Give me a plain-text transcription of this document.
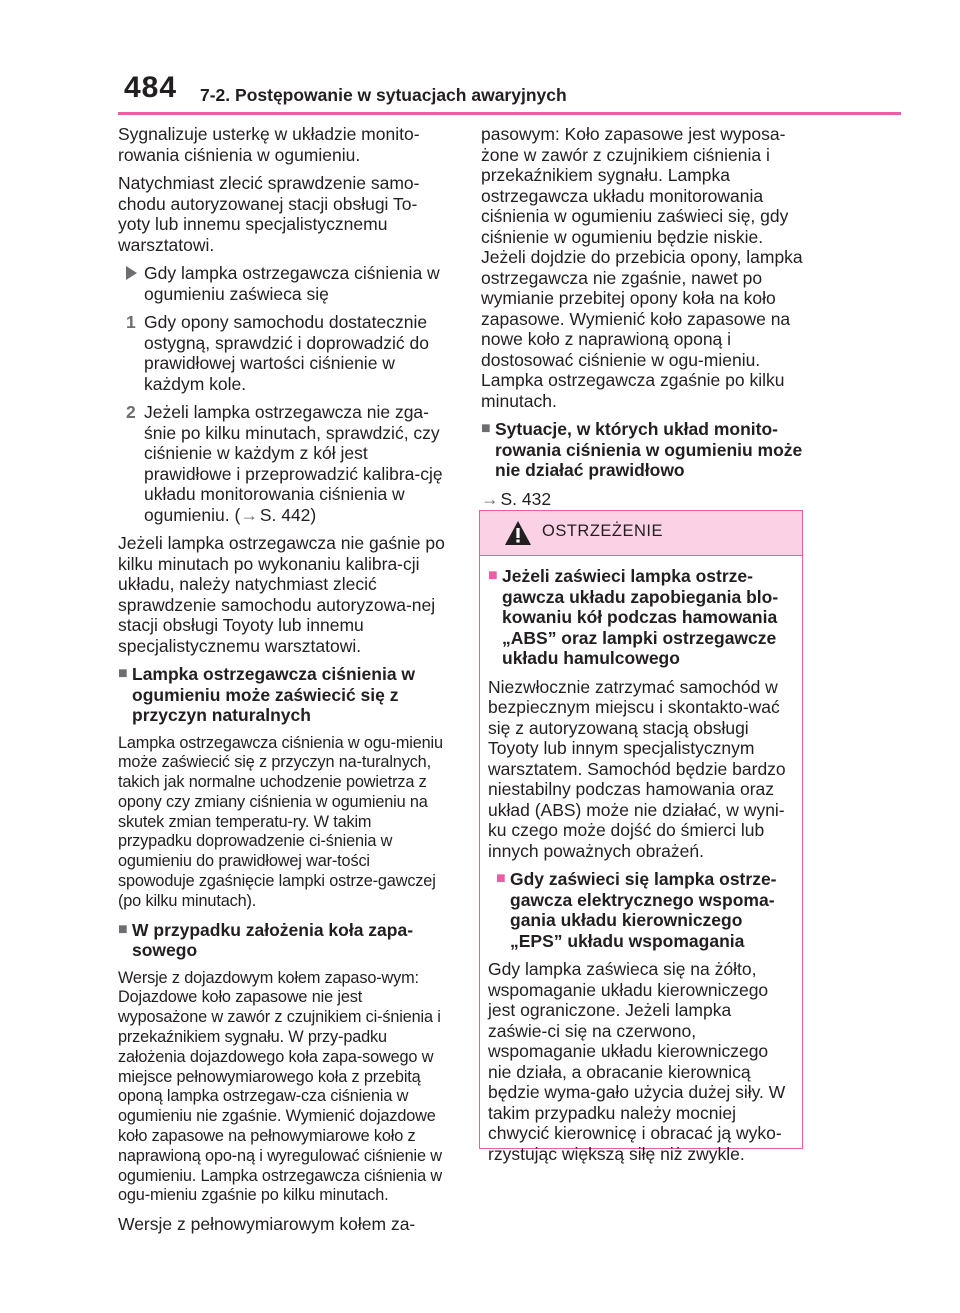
484 7-2. Postępowanie w sytuacjach awaryjnych

Sygnalizuje usterkę w układzie monito-rowania ciśnienia w ogumieniu.

Natychmiast zlecić sprawdzenie samo-chodu autoryzowanej stacji obsługi To-yoty lub innemu specjalistycznemu warsztatowi.

Gdy lampka ostrzegawcza ciśnienia w ogumieniu zaświeca się
1 Gdy opony samochodu dostatecznie ostygną, sprawdzić i doprowadzić do prawidłowej wartości ciśnienie w każdym kole.
2 Jeżeli lampka ostrzegawcza nie zga-śnie po kilku minutach, sprawdzić, czy ciśnienie w każdym z kół jest prawidłowe i przeprowadzić kalibra-cję układu monitorowania ciśnienia w ogumieniu. (→ S. 442)

Jeżeli lampka ostrzegawcza nie gaśnie po kilku minutach po wykonaniu kalibra-cji układu, należy natychmiast zlecić sprawdzenie samochodu autoryzowa-nej stacji obsługi Toyoty lub innemu specjalistycznemu warsztatowi.

■ Lampka ostrzegawcza ciśnienia w ogumieniu może zaświecić się z przyczyn naturalnych

Lampka ostrzegawcza ciśnienia w ogu-mieniu może zaświecić się z przyczyn na-turalnych, takich jak normalne uchodzenie powietrza z opony czy zmiany ciśnienia w ogumieniu na skutek zmian temperatu-ry. W takim przypadku doprowadzenie ci-śnienia w ogumieniu do prawidłowej war-tości spowoduje zgaśnięcie lampki ostrze-gawczej (po kilku minutach).

■ W przypadku założenia koła zapa-sowego

Wersje z dojazdowym kołem zapaso-wym: Dojazdowe koło zapasowe nie jest wyposażone w zawór z czujnikiem ci-śnienia i przekaźnikiem sygnału. W przy-padku założenia dojazdowego koła zapa-sowego w miejsce pełnowymiarowego koła z przebitą oponą lampka ostrzegaw-cza ciśnienia w ogumieniu nie zgaśnie. Wymienić dojazdowe koło zapasowe na pełnowymiarowe koło z naprawioną opo-ną i wyregulować ciśnienie w ogumieniu. Lampka ostrzegawcza ciśnienia w ogu-mieniu zgaśnie po kilku minutach.

Wersje z pełnowymiarowym kołem za-

pasowym: Koło zapasowe jest wyposa-żone w zawór z czujnikiem ciśnienia i przekaźnikiem sygnału. Lampka ostrzegawcza układu monitorowania ciśnienia w ogumieniu zaświeci się, gdy ciśnienie w ogumieniu będzie niskie. Jeżeli dojdzie do przebicia opony, lampka ostrzegawcza nie zgaśnie, nawet po wymianie przebitej opony koła na koło zapasowe. Wymienić koło zapasowe na nowe koło z naprawioną oponą i dostosować ciśnienie w ogu-mieniu. Lampka ostrzegawcza zgaśnie po kilku minutach.

■ Sytuacje, w których układ monito-rowania ciśnienia w ogumieniu może nie działać prawidłowo

→ S. 432

OSTRZEŻENIE
■ Jeżeli zaświeci lampka ostrze-gawcza układu zapobiegania blo-kowaniu kół podczas hamowania „ABS” oraz lampki ostrzegawcze układu hamulcowego

Niezwłocznie zatrzymać samochód w bezpiecznym miejscu i skontakto-wać się z autoryzowaną stacją obsługi Toyoty lub innym specjalistycznym warsztatem. Samochód będzie bardzo niestabilny podczas hamowania oraz układ (ABS) może nie działać, w wyni-ku czego może dojść do śmierci lub innych poważnych obrażeń.

■ Gdy zaświeci się lampka ostrze-gawcza elektrycznego wspoma-gania układu kierowniczego „EPS” układu wspomagania

Gdy lampka zaświeca się na żółto, wspomaganie układu kierowniczego jest ograniczone. Jeżeli lampka zaświe-ci się na czerwono, wspomaganie układu kierowniczego nie działa, a obracanie kierownicą będzie wyma-gało użycia dużej siły. W takim przypadku należy mocniej chwycić kierownicę i obracać ją wyko-rzystując większą siłę niż zwykle.
